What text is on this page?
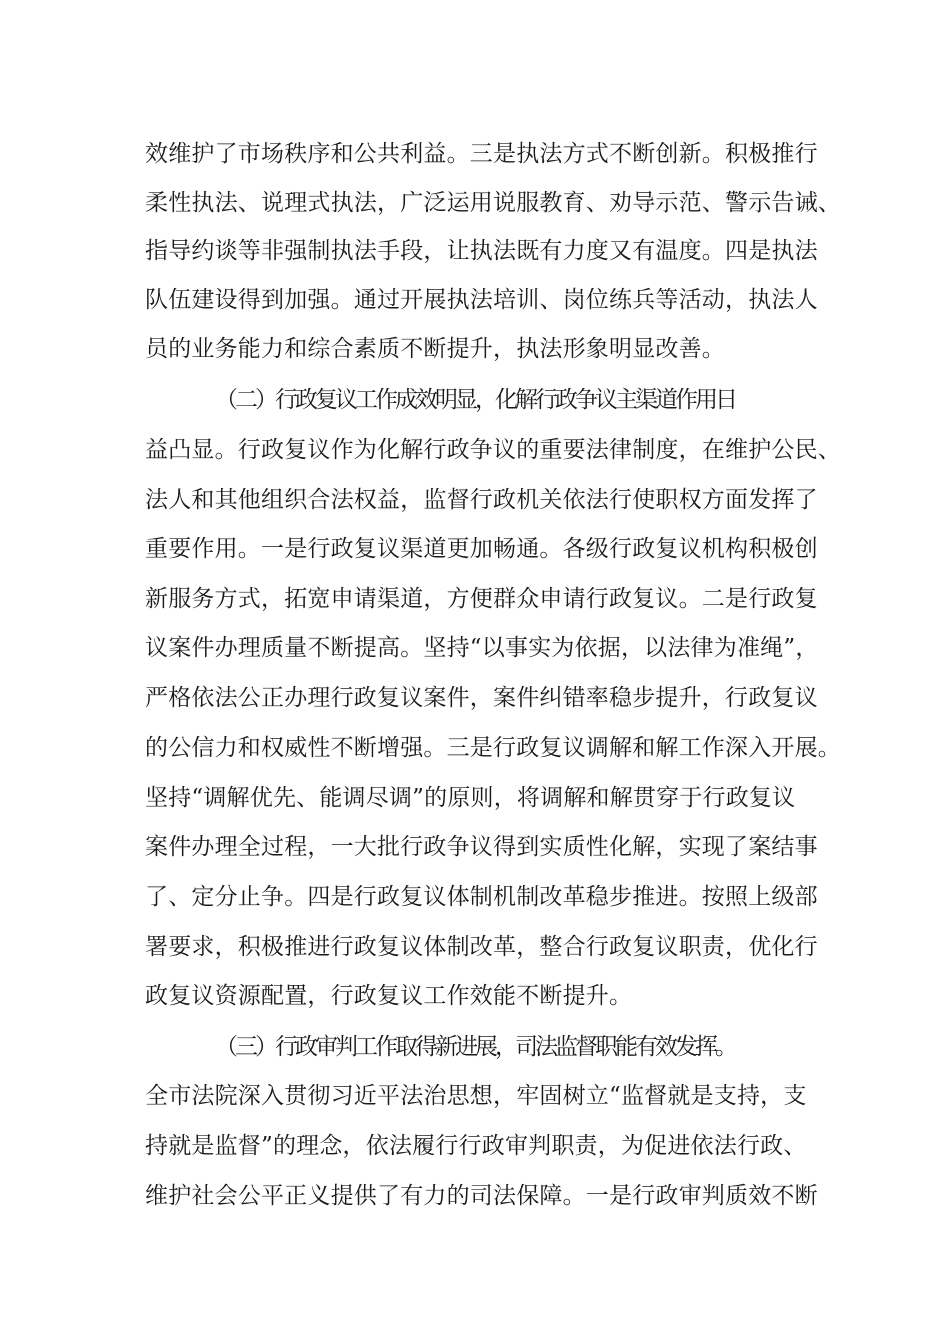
效维护了市场秩序和公共利益。三是执法方式不断创新。积极推行
柔性执法、说理式执法，广泛运用说服教育、劝导示范、警示告诫、
指导约谈等非强制执法手段，让执法既有力度又有温度。四是执法
队伍建设得到加强。通过开展执法培训、岗位练兵等活动，执法人
员的业务能力和综合素质不断提升，执法形象明显改善。
（二）行政复议工作成效明显，化解行政争议主渠道作用日
益凸显。行政复议作为化解行政争议的重要法律制度，在维护公民、
法人和其他组织合法权益，监督行政机关依法行使职权方面发挥了
重要作用。一是行政复议渠道更加畅通。各级行政复议机构积极创
新服务方式，拓宽申请渠道，方便群众申请行政复议。二是行政复
议案件办理质量不断提高。坚持“以事实为依据，以法律为准绳”，
严格依法公正办理行政复议案件，案件纠错率稳步提升，行政复议
的公信力和权威性不断增强。三是行政复议调解和解工作深入开展。
坚持“调解优先、能调尽调”的原则，将调解和解贯穿于行政复议
案件办理全过程，一大批行政争议得到实质性化解，实现了案结事
了、定分止争。四是行政复议体制机制改革稳步推进。按照上级部
署要求，积极推进行政复议体制改革，整合行政复议职责，优化行
政复议资源配置，行政复议工作效能不断提升。
（三）行政审判工作取得新进展，司法监督职能有效发挥。
全市法院深入贯彻习近平法治思想，牢固树立“监督就是支持，支
持就是监督”的理念，依法履行行政审判职责，为促进依法行政、
维护社会公平正义提供了有力的司法保障。一是行政审判质效不断
